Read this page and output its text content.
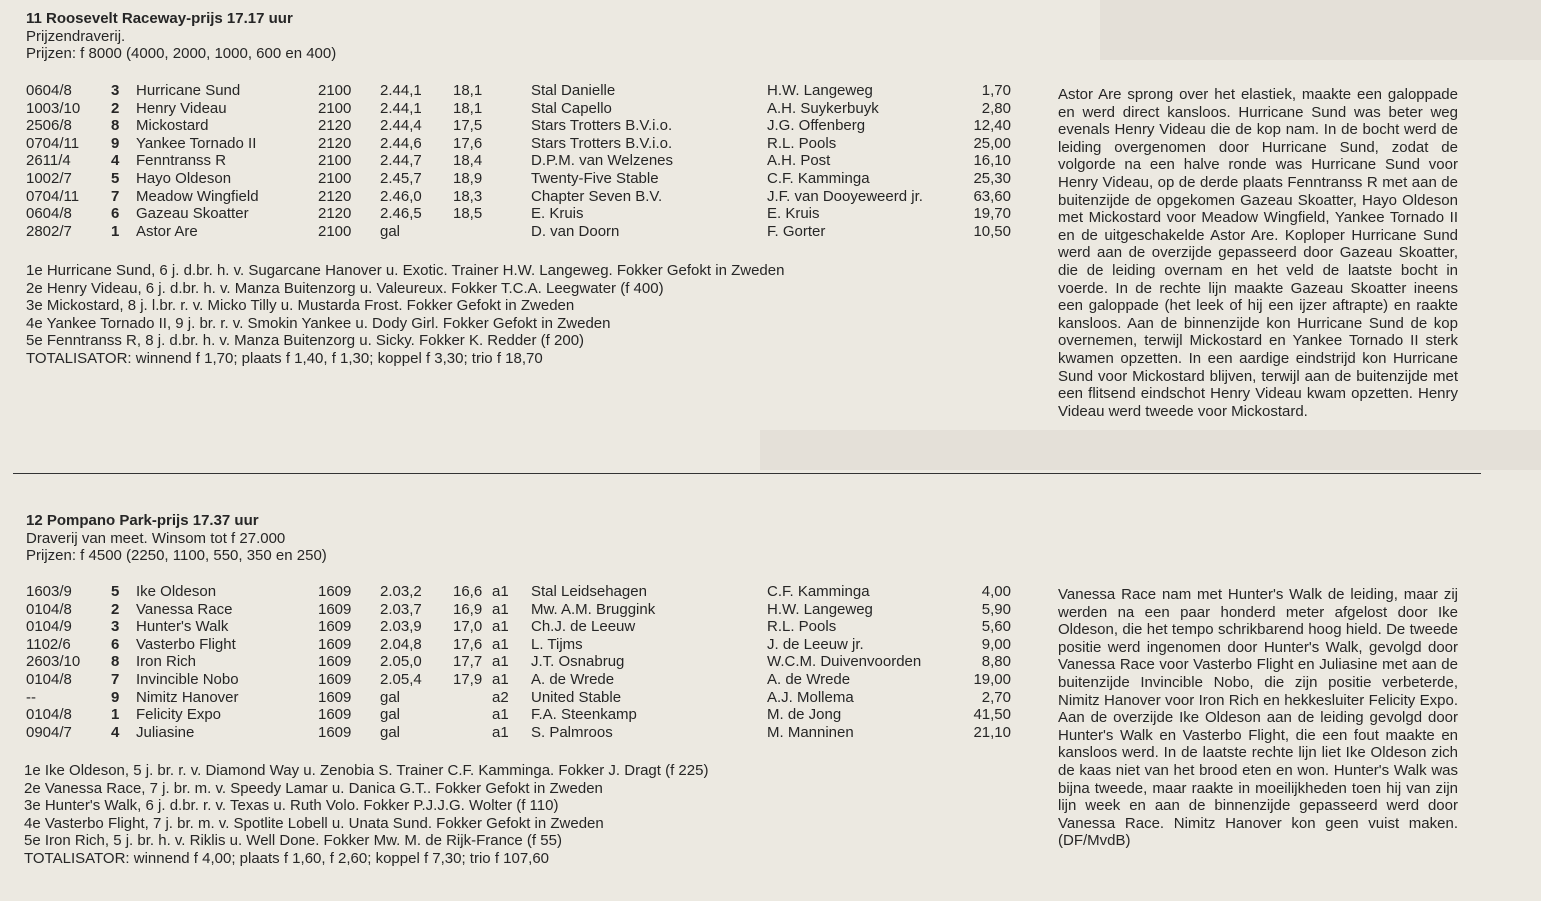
11 Roosevelt Raceway-prijs 17.17 uur
Prijzendraverij.
Prijzen: f 8000 (4000, 2000, 1000, 600 en 400)
0604/8	3 Hurricane Sund	2100 2.44,1 18,1	Stal Danielle	H.W. Langeweg	1,70
1003/10 2 Henry Videau	2100 2.44,1 18,1	Stal Capello	A.H. Suykerbuyk	2,80
2506/8	8 Mickostard	2120 2.44,4 17,5	Stars Trotters B.V.i.o.	J.G. Offenberg	12,40
0704/11 9 Yankee Tornado II	2120 2.44,6 17,6	Stars Trotters B.V.i.o.	R.L. Pools	25,00
2611/4	4 Fenntranss R	2100 2.44,7 18,4	D.P.M. van Welzenes	A.H. Post	16,10
1002/7	5 Hayo Oldeson	2100 2.45,7 18,9	Twenty-Five Stable	C.F. Kamminga	25,30
0704/11 7 Meadow Wingfield	2120 2.46,0 18,3	Chapter Seven B.V.	J.F. van Dooyeweerd jr.	63,60
0604/8	6 Gazeau Skoatter	2120 2.46,5 18,5	E. Kruis	E. Kruis	19,70
2802/7	1 Astor Are	2100 gal	D. van Doorn	F. Gorter	10,50
1e Hurricane Sund, 6 j. d.br. h. v. Sugarcane Hanover u. Exotic. Trainer H.W. Langeweg. Fokker Gefokt in Zweden
2e Henry Videau, 6 j. d.br. h. v. Manza Buitenzorg u. Valeureux. Fokker T.C.A. Leegwater (f 400)
3e Mickostard, 8 j. l.br. r. v. Micko Tilly u. Mustarda Frost. Fokker Gefokt in Zweden
4e Yankee Tornado II, 9 j. br. r. v. Smokin Yankee u. Dody Girl. Fokker Gefokt in Zweden
5e Fenntranss R, 8 j. d.br. h. v. Manza Buitenzorg u. Sicky. Fokker K. Redder (f 200)
TOTALISATOR: winnend f 1,70; plaats f 1,40, f 1,30; koppel f 3,30; trio f 18,70
Astor Are sprong over het elastiek, maakte een galoppade en werd direct kansloos. Hurricane Sund was beter weg evenals Henry Videau die de kop nam. In de bocht werd de leiding overgenomen door Hurricane Sund, zodat de volgorde na een halve ronde was Hurricane Sund voor Henry Videau, op de derde plaats Fenntranss R met aan de buitenzijde de opgekomen Gazeau Skoatter, Hayo Oldeson met Mickostard voor Meadow Wingfield, Yankee Tornado II en de uitgeschakelde Astor Are. Koploper Hurricane Sund werd aan de overzijde gepasseerd door Gazeau Skoatter, die de leiding overnam en het veld de laatste bocht in voerde. In de rechte lijn maakte Gazeau Skoatter ineens een galoppade (het leek of hij een ijzer aftrapte) en raakte kansloos. Aan de binnenzijde kon Hurricane Sund de kop overnemen, terwijl Mickostard en Yankee Tornado II sterk kwamen opzetten. In een aardige eindstrijd kon Hurricane Sund voor Mickostard blijven, terwijl aan de buitenzijde met een flitsend eindschot Henry Videau kwam opzetten. Henry Videau werd tweede voor Mickostard.
12 Pompano Park-prijs 17.37 uur
Draverij van meet. Winsom tot f 27.000
Prijzen: f 4500 (2250, 1100, 550, 350 en 250)
1603/9	5 Ike Oldeson	1609 2.03,2 16,6 a1 Stal Leidsehagen	C.F. Kamminga	4,00
0104/8	2 Vanessa Race	1609 2.03,7 16,9 a1 Mw. A.M. Bruggink	H.W. Langeweg	5,90
0104/9	3 Hunter's Walk	1609 2.03,9 17,0 a1 Ch.J. de Leeuw	R.L. Pools	5,60
1102/6	6 Vasterbo Flight	1609 2.04,8 17,6 a1 L. Tijms	J. de Leeuw jr.	9,00
2603/10 8 Iron Rich	1609 2.05,0 17,7 a1 J.T. Osnabrug	W.C.M. Duivenvoorden	8,80
0104/8	7 Invincible Nobo	1609 2.05,4 17,9 a1 A. de Wrede	A. de Wrede	19,00
--	9 Nimitz Hanover	1609 gal	a2 United Stable	A.J. Mollema	2,70
0104/8	1 Felicity Expo	1609 gal	a1 F.A. Steenkamp	M. de Jong	41,50
0904/7	4 Juliasine	1609 gal	a1 S. Palmroos	M. Manninen	21,10
1e Ike Oldeson, 5 j. br. r. v. Diamond Way u. Zenobia S. Trainer C.F. Kamminga. Fokker J. Dragt (f 225)
2e Vanessa Race, 7 j. br. m. v. Speedy Lamar u. Danica G.T.. Fokker Gefokt in Zweden
3e Hunter's Walk, 6 j. d.br. r. v. Texas u. Ruth Volo. Fokker P.J.J.G. Wolter (f 110)
4e Vasterbo Flight, 7 j. br. m. v. Spotlite Lobell u. Unata Sund. Fokker Gefokt in Zweden
5e Iron Rich, 5 j. br. h. v. Riklis u. Well Done. Fokker Mw. M. de Rijk-France (f 55)
TOTALISATOR: winnend f 4,00; plaats f 1,60, f 2,60; koppel f 7,30; trio f 107,60
Vanessa Race nam met Hunter's Walk de leiding, maar zij werden na een paar honderd meter afgelost door Ike Oldeson, die het tempo schrikbarend hoog hield. De tweede positie werd ingenomen door Hunter's Walk, gevolgd door Vanessa Race voor Vasterbo Flight en Juliasine met aan de buitenzijde Invincible Nobo, die zijn positie verbeterde, Nimitz Hanover voor Iron Rich en hekkesluiter Felicity Expo. Aan de overzijde Ike Oldeson aan de leiding gevolgd door Hunter's Walk en Vasterbo Flight, die een fout maakte en kansloos werd. In de laatste rechte lijn liet Ike Oldeson zich de kaas niet van het brood eten en won. Hunter's Walk was bijna tweede, maar raakte in moeilijkheden toen hij van zijn lijn week en aan de binnenzijde gepasseerd werd door Vanessa Race. Nimitz Hanover kon geen vuist maken. (DF/MvdB)
